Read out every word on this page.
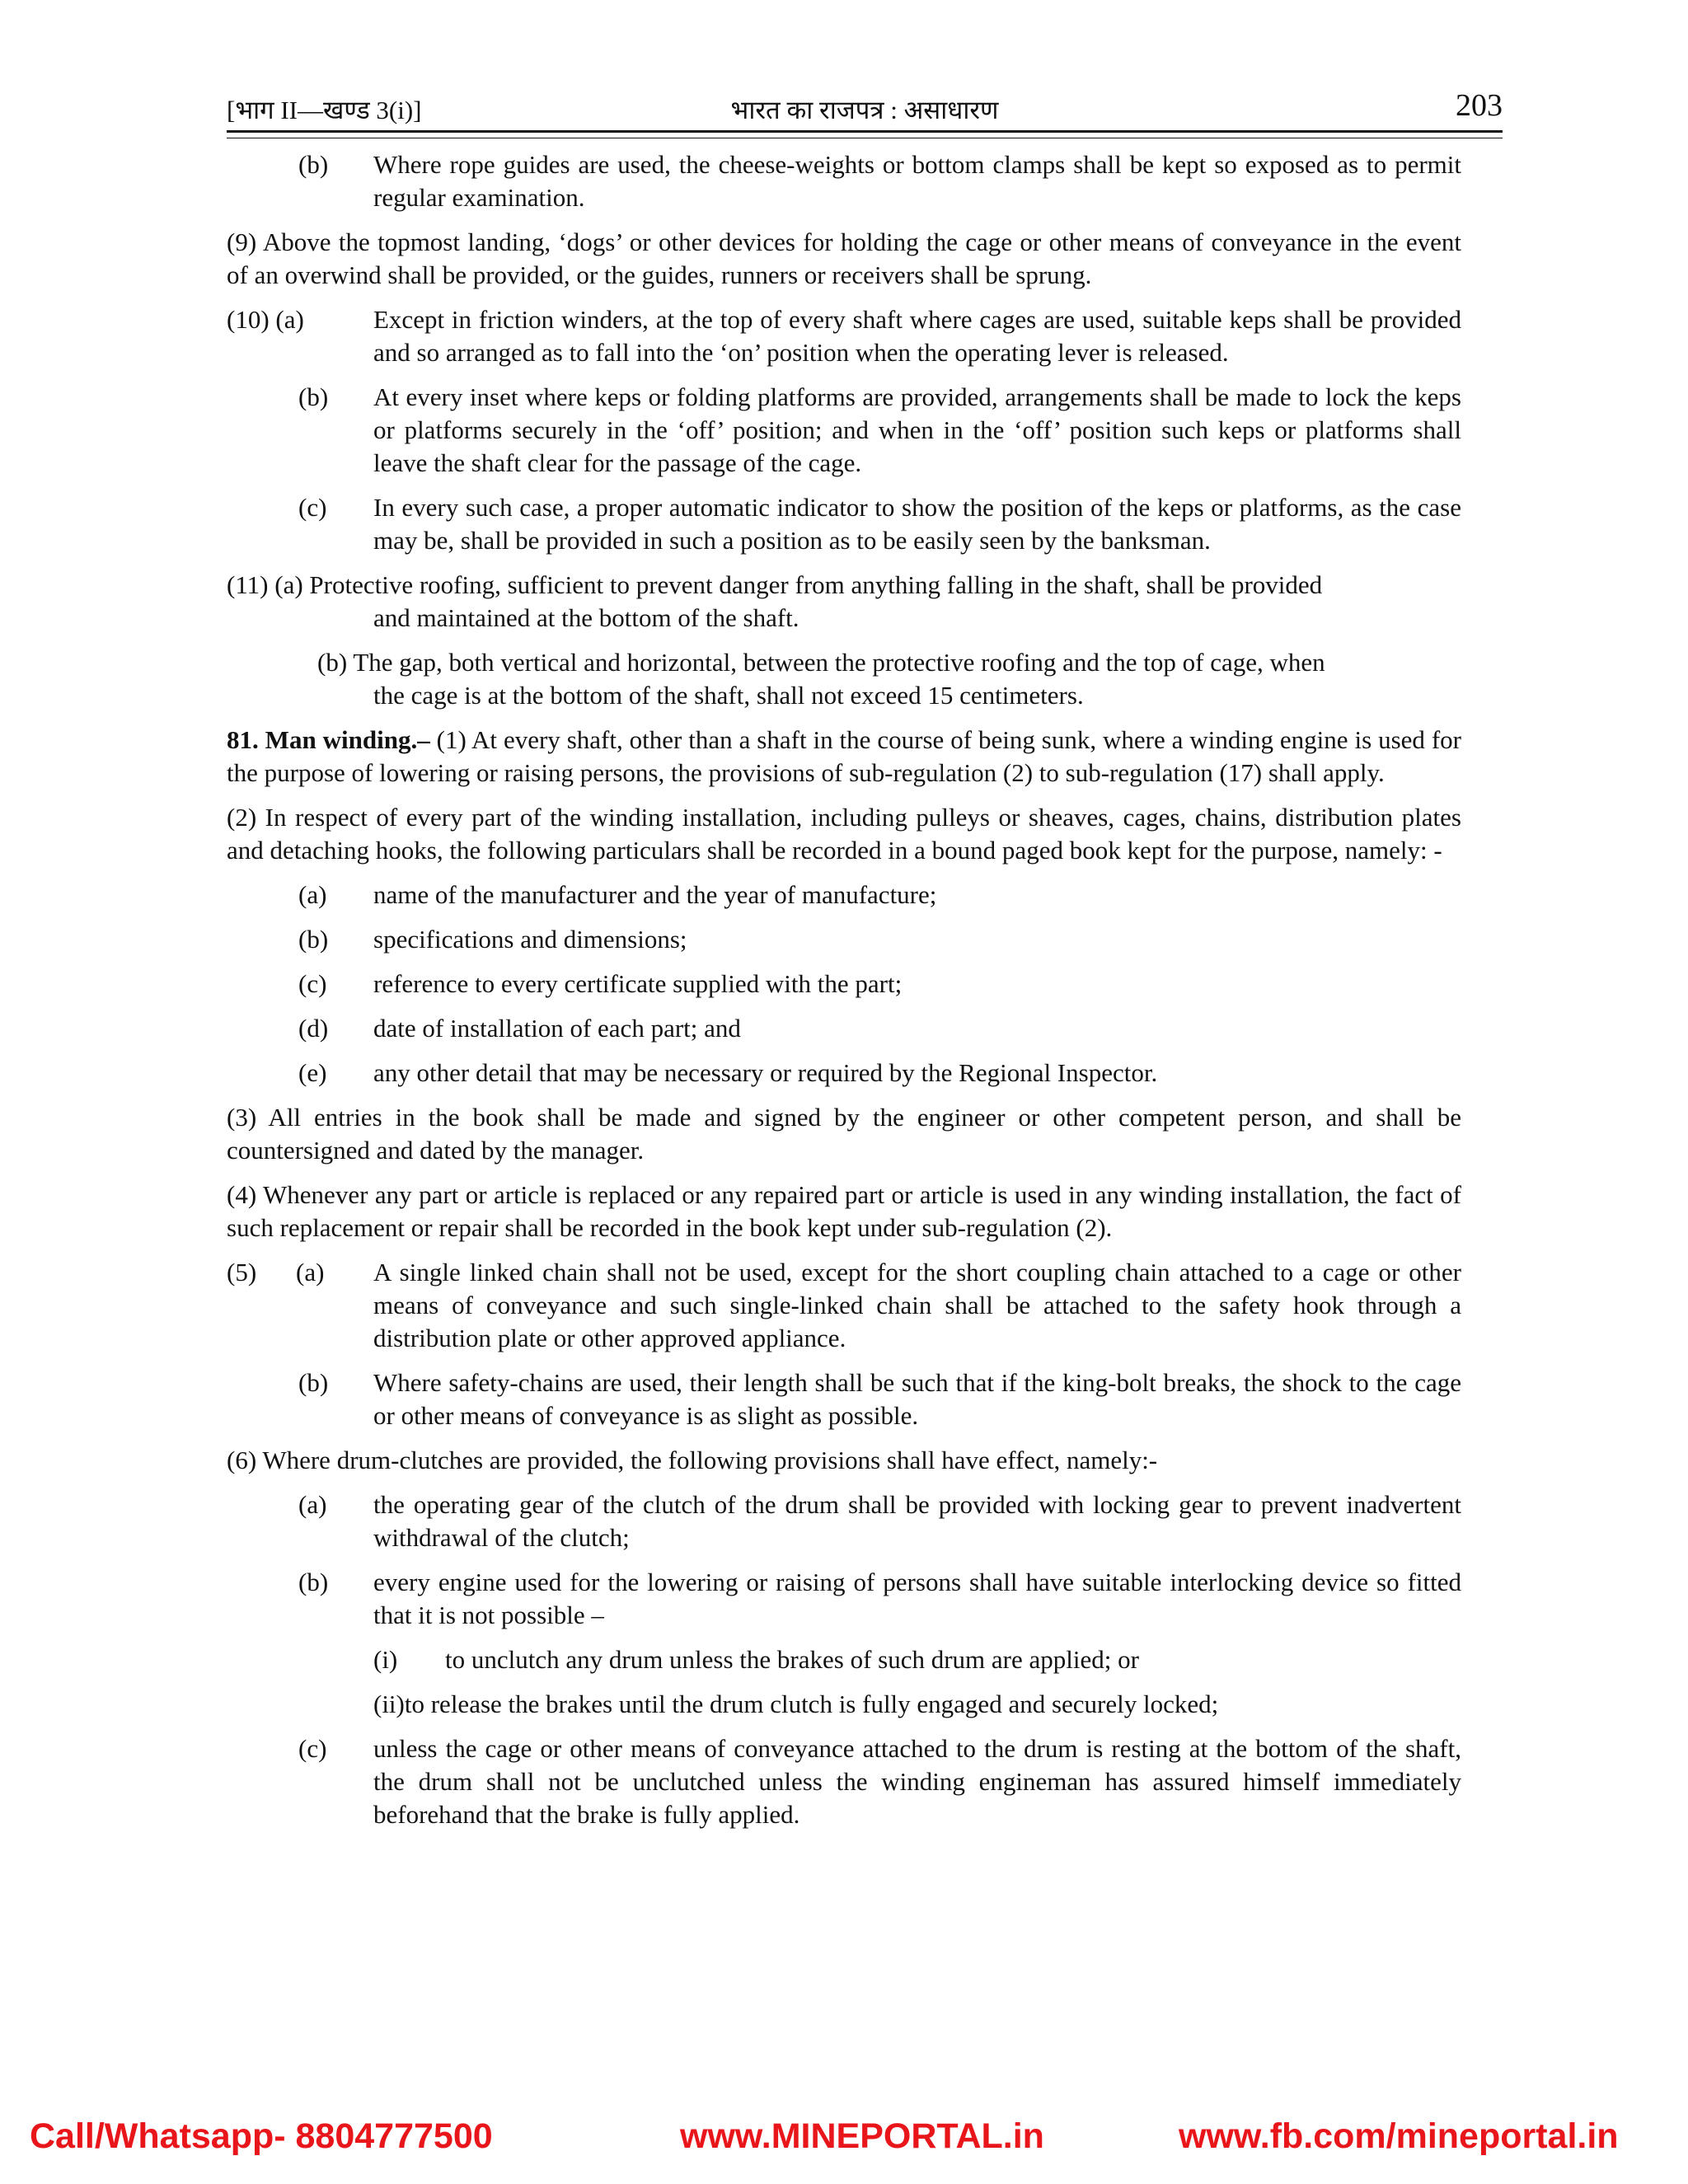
[भाग II—खण्ड 3(i)]	भारत का राजपत्र : असाधारण	203
(b) Where rope guides are used, the cheese-weights or bottom clamps shall be kept so exposed as to permit regular examination.
(9) Above the topmost landing, ‘dogs’ or other devices for holding the cage or other means of conveyance in the event of an overwind shall be provided, or the guides, runners or receivers shall be sprung.
(10) (a)	Except in friction winders, at the top of every shaft where cages are used, suitable keps shall be provided and so arranged as to fall into the ‘on’ position when the operating lever is released.
(b) At every inset where keps or folding platforms are provided, arrangements shall be made to lock the keps or platforms securely in the ‘off’ position; and when in the ‘off’ position such keps or platforms shall leave the shaft clear for the passage of the cage.
(c) In every such case, a proper automatic indicator to show the position of the keps or platforms, as the case may be, shall be provided in such a position as to be easily seen by the banksman.
(11) (a) Protective roofing, sufficient to prevent danger from anything falling in the shaft, shall be provided
and maintained at the bottom of the shaft.
(b) The gap, both vertical and horizontal, between the protective roofing and the top of cage, when
the cage is at the bottom of the shaft, shall not exceed 15 centimeters.
81. Man winding.– (1) At every shaft, other than a shaft in the course of being sunk, where a winding engine is used for the purpose of lowering or raising persons, the provisions of sub-regulation (2) to sub-regulation (17) shall apply.
(2) In respect of every part of the winding installation, including pulleys or sheaves, cages, chains, distribution plates and detaching hooks, the following particulars shall be recorded in a bound paged book kept for the purpose, namely: -
(a) name of the manufacturer and the year of manufacture;
(b) specifications and dimensions;
(c) reference to every certificate supplied with the part;
(d) date of installation of each part; and
(e) any other detail that may be necessary or required by the Regional Inspector.
(3) All entries in the book shall be made and signed by the engineer or other competent person, and shall be countersigned and dated by the manager.
(4) Whenever any part or article is replaced or any repaired part or article is used in any winding installation, the fact of such replacement or repair shall be recorded in the book kept under sub-regulation (2).
(5) (a) A single linked chain shall not be used, except for the short coupling chain attached to a cage or other means of conveyance and such single-linked chain shall be attached to the safety hook through a distribution plate or other approved appliance.
(b) Where safety-chains are used, their length shall be such that if the king-bolt breaks, the shock to the cage or other means of conveyance is as slight as possible.
(6) Where drum-clutches are provided, the following provisions shall have effect, namely:-
(a) the operating gear of the clutch of the drum shall be provided with locking gear to prevent inadvertent withdrawal of the clutch;
(b) every engine used for the lowering or raising of persons shall have suitable interlocking device so fitted that it is not possible –
(i) to unclutch any drum unless the brakes of such drum are applied; or
(ii)to release the brakes until the drum clutch is fully engaged and securely locked;
(c) unless the cage or other means of conveyance attached to the drum is resting at the bottom of the shaft, the drum shall not be unclutched unless the winding engineman has assured himself immediately beforehand that the brake is fully applied.
Call/Whatsapp- 8804777500	www.MINEPORTAL.in	www.fb.com/mineportal.in
